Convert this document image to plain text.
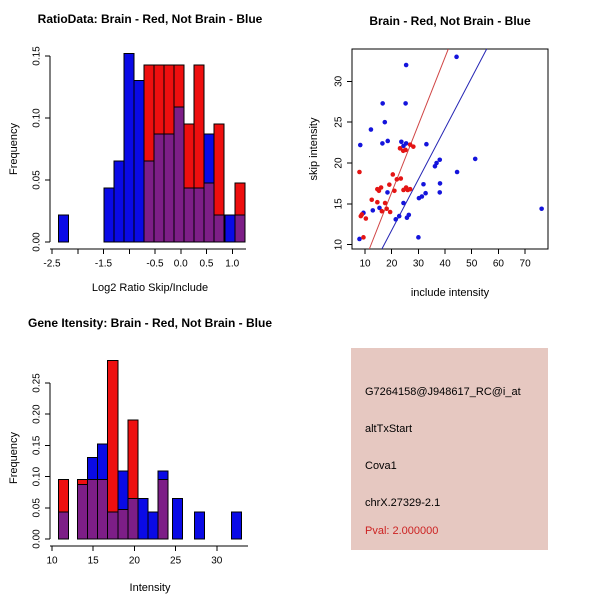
-2.5	-1.5	-0.5 0.0 0.5 1.0
0.00
0.05
0.10
0.15
10 20 30 40 50 60 70
10
15
20
25
30
10	15	20	25	30
0.00
0.05
0.10
0.15
0.20
0.25
RatioData: Brain - Red, Not Brain - Blue
Log2 Ratio Skip/Include
Frequency
Brain - Red, Not Brain - Blue
include intensity
skip intensity
Gene Itensity: Brain - Red, Not Brain - Blue
Intensity
Frequency
G7264158@J948617_RC@i_at
altTxStart
Cova1
chrX.27329-2.1
Pval: 2.000000
